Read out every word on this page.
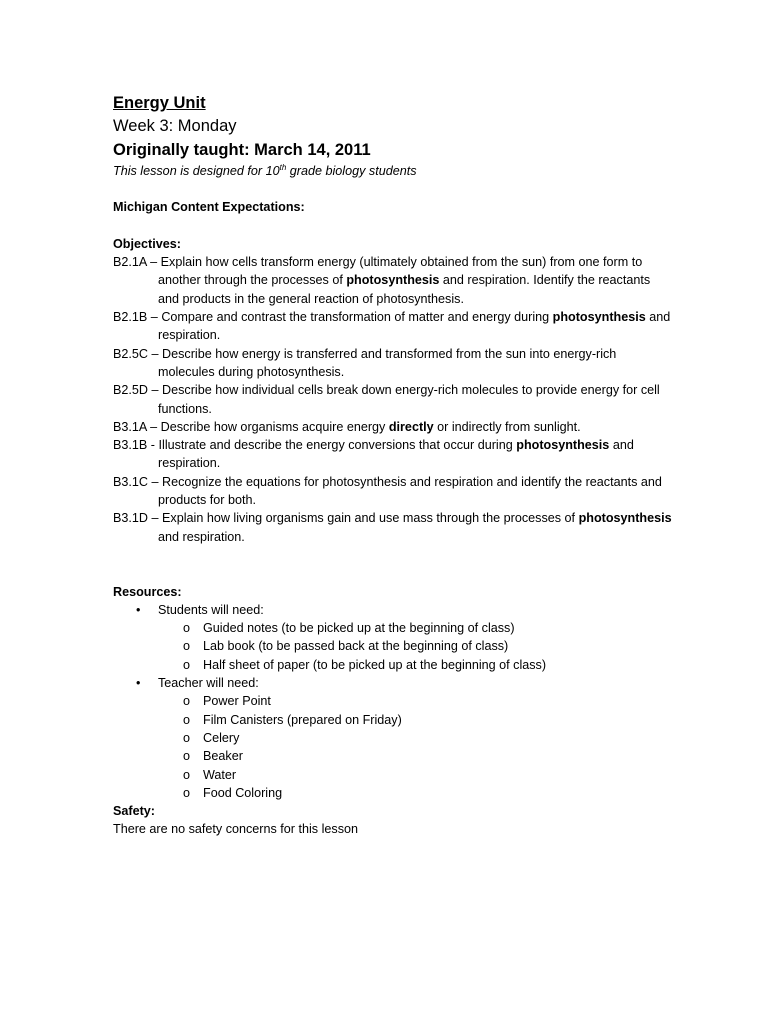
Energy Unit
Week 3: Monday
Originally taught: March 14, 2011
This lesson is designed for 10th grade biology students
Michigan Content Expectations:
Objectives:
B2.1A – Explain how cells transform energy (ultimately obtained from the sun) from one form to another through the processes of photosynthesis and respiration. Identify the reactants and products in the general reaction of photosynthesis.
B2.1B – Compare and contrast the transformation of matter and energy during photosynthesis and respiration.
B2.5C – Describe how energy is transferred and transformed from the sun into energy-rich molecules during photosynthesis.
B2.5D – Describe how individual cells break down energy-rich molecules to provide energy for cell functions.
B3.1A – Describe how organisms acquire energy directly or indirectly from sunlight.
B3.1B - Illustrate and describe the energy conversions that occur during photosynthesis and respiration.
B3.1C – Recognize the equations for photosynthesis and respiration and identify the reactants and products for both.
B3.1D – Explain how living organisms gain and use mass through the processes of photosynthesis and respiration.
Resources:
• Students will need:
o Guided notes (to be picked up at the beginning of class)
o Lab book (to be passed back at the beginning of class)
o Half sheet of paper (to be picked up at the beginning of class)
• Teacher will need:
o Power Point
o Film Canisters (prepared on Friday)
o Celery
o Beaker
o Water
o Food Coloring
Safety:
There are no safety concerns for this lesson
